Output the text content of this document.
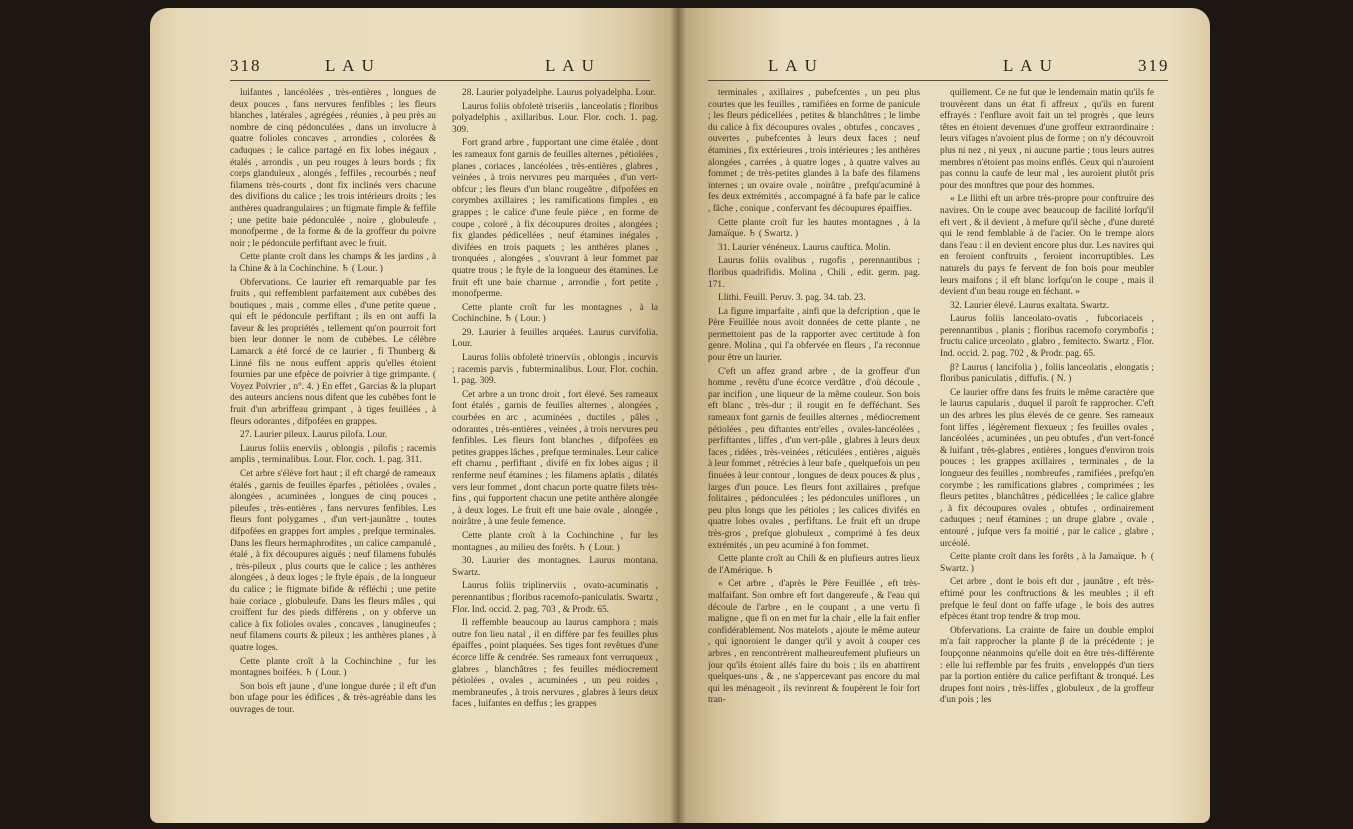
318	L A U	L A U

luifantes , lancéolées , très-entières , longues de deux pouces , fans nervures fenfibles ; les fleurs blanches , latérales , agrégées , réunies , à peu près au nombre de cinq pédonculées , dans un involucre à quatre folioles concaves , arrondies , colorées & caduques ; le calice partagé en fix lobes inégaux , étalés , arrondis , un peu rouges à leurs bords ; fix corps glanduleux , alongés , feffiles , recourbés ; neuf filamens très-courts , dont fix inclinés vers chacune des divifions du calice ; les trois intérieurs droits ; les anthères quadrangulaires ; un ftigmate fimple & feffile ; une petite baie pédonculée , noire , globuleufe , monofperme , de la forme & de la groffeur du poivre noir ; le pédoncule perfiftant avec le fruit.

Cette plante croît dans les champs & les jardins , à la Chine & à la Cochinchine. ♄ ( Lour. )

Obfervations. Ce laurier eft remarquable par fes fruits , qui reffemblent parfaitement aux cubèbes des boutiques , mais , comme elles , d'une petite queue , qui eft le pédoncule perfiftant ; ils en ont auffi la faveur & les propriétés , tellement qu'on pourroit fort bien leur donner le nom de cubèbes. Le célèbre Lamarck a été forcé de ce laurier , fi Thunberg & Linné fils ne nous euffent appris qu'elles étoient fournies par une efpèce de poivrier à tige grimpante. ( Voyez Poivrier , n°. 4. ) En effet , Garcias & la plupart des auteurs anciens nous difent que les cubèbes font le fruit d'un arbriffeau grimpant , à tiges feuillées , à fleurs odorantes , difpofées en grappes.

27. Laurier pileux. Laurus pilofa. Lour.

Laurus foliis enerviis , oblongis , pilofis ; racemis amplis , terminalibus. Lour. Flor. coch. 1. pag. 311.

Cet arbre s'élève fort haut ; il eft chargé de rameaux étalés , garnis de feuilles éparfes , pétiolées , ovales , alongées , acuminées , longues de cinq pouces , pileufes , très-entières , fans nervures fenfibles. Les fleurs font polygames , d'un vert-jaunâtre , toutes difpofées en grappes fort amples , prefque terminales. Dans les fleurs hermaphrodites , un calice campanulé , étalé , à fix découpures aiguës ; neuf filamens fubulés , très-pileux , plus courts que le calice ; les anthères alongées , à deux loges ; le ftyle épais , de la longueur du calice ; le ftigmate bifide & réfléchi ; une petite baie coriace , globuleufe. Dans les fleurs mâles , qui croiffent fur des pieds différens , on y obferve un calice à fix folioles ovales , concaves , lanugineufes ; neuf filamens courts & pileux ; les anthères planes , à quatre loges.

Cette plante croît à la Cochinchine , fur les montagnes boifées. ♄ ( Lour. )

Son bois eft jaune , d'une longue durée ; il eft d'un bon ufage pour les édifices , & très-agréable dans les ouvrages de tour.

28. Laurier polyadelphe. Laurus polyadelpha. Lour.

Laurus foliis obfoletè triseriis , lanceolatis ; floribus polyadelphis , axillaribus. Lour. Flor. coch. 1. pag. 309.

Fort grand arbre , fupportant une cime étalée , dont les rameaux font garnis de feuilles alternes , pétiolées , planes , coriaces , lancéolées , très-entières , glabres , veinées , à trois nervures peu marquées , d'un vert-obfcur ; les fleurs d'un blanc rougeâtre , difpofées en corymbes axillaires ; les ramifications fimples , en grappes ; le calice d'une feule pièce , en forme de coupe , coloré , à fix découpures droites , alongées ; fix glandes pédicellées , neuf étamines inégales , divifées en trois paquets ; les anthères planes , tronquées , alongées , s'ouvrant à leur fommet par quatre trous ; le ftyle de la longueur des étamines. Le fruit eft une baie charnue , arrondie , fort petite , monofperme.

Cette plante croît fur les montagnes , à la Cochinchine. ♄ ( Lour. )

29. Laurier à feuilles arquées. Laurus curvifolia. Lour.

Laurus foliis obfoletè trinerviis , oblongis , incurvis ; racemis parvis , fubterminalibus. Lour. Flor. cochin. 1. pag. 309.

Cet arbre a un tronc droit , fort élevé. Ses rameaux font étalés , garnis de feuilles alternes , alongées , courbées en arc , acuminées , ductiles , pâles , odorantes , très-entières , veinées , à trois nervures peu fenfibles. Les fleurs font blanches , difpofées en petites grappes lâches , prefque terminales. Leur calice eft charnu , perfiftant , divifé en fix lobes aigus ; il renferme neuf étamines ; les filamens aplatis , dilatés vers leur fommet , dont chacun porte quatre filets très-fins , qui fupportent chacun une petite anthère alongée , à deux loges. Le fruit eft une baie ovale , alongée , noirâtre , à une feule femence.

Cette plante croît à la Cochinchine , fur les montagnes , au milieu des forêts. ♄ ( Lour. )

30. Laurier des montagnes. Laurus montana. Swartz.

Laurus foliis triplinerviis , ovato-acuminatis , perennantibus ; floribus racemofo-paniculatis. Swartz , Flor. Ind. occid. 2. pag. 703 , & Prodr. 65.

Il reffemble beaucoup au laurus camphora ; mais outre fon lieu natal , il en diffère par fes feuilles plus épaiffes , point plaquées. Ses tiges font revêtues d'une écorce liffe & cendrée. Ses rameaux font verruqueux , glabres , blanchâtres ; fes feuilles médiocrement pétiolées , ovales , acuminées , un peu roides , membraneufes , à trois nervures , glabres à leurs deux faces , luifantes en deffus ; les grappes

L A U	L A U	319

terminales , axillaires , pubefcentes , un peu plus courtes que les feuilles , ramifiées en forme de panicule ; les fleurs pédicellées , petites & blanchâtres ; le limbe du calice à fix découpures ovales , obtufes , concaves , ouvertes , pubefcentes à leurs deux faces ; neuf étamines , fix extérieures , trois intérieures ; les anthères alongées , carrées , à quatre loges , à quatre valves au fommet ; de très-petites glandes à la bafe des filamens internes ; un ovaire ovale , noirâtre , prefqu'acuminé à fes deux extrémités , accompagné à fa bafe par le calice , fâche , conique , confervant fes découpures épaiffies.

Cette plante croît fur les hautes montagnes , à la Jamaïque. ♄ ( Swartz. )

31. Laurier vénéneux. Laurus cauftica. Molin.

Laurus foliis ovalibus , rugofis , perennantibus ; floribus quadrifidis. Molina , Chili , edit. germ. pag. 171.

Llithi. Feuill. Peruv. 3. pag. 34. tab. 23.

La figure imparfaite , ainfi que la defcription , que le Père Feuillée nous avoit données de cette plante , ne permettoient pas de la rapporter avec certitude à fon genre. Molina , qui l'a obfervée en fleurs , l'a reconnue pour être un laurier.

C'eft un affez grand arbre , de la groffeur d'un homme , revêtu d'une écorce verdâtre , d'où découle , par incifion , une liqueur de la même couleur. Son bois eft blanc , très-dur ; il rougit en fe defféchant. Ses rameaux font garnis de feuilles alternes , médiocrement pétiolées , peu diftantes entr'elles , ovales-lancéolées , perfiftantes , liffes , d'un vert-pâle , glabres à leurs deux faces , ridées , très-veinées , réticulées , entières , aiguës à leur fommet , rétrécies à leur bafe , quelquefois un peu finuées à leur contour , longues de deux pouces & plus , larges d'un pouce. Les fleurs font axillaires , prefque folitaires , pédonculées ; les pédoncules uniflores , un peu plus longs que les pétioles ; les calices divifés en quatre lobes ovales , perfiftans. Le fruit eft un drupe très-gros , prefque globuleux , comprimé à fes deux extrémités , un peu acuminé à fon fommet.

Cette plante croît au Chili & en plufieurs autres lieux de l'Amérique. ♄

« Cet arbre , d'après le Père Feuillée , eft très-malfaifant. Son ombre eft fort dangereufe , & l'eau qui découle de l'arbre , en le coupant , a une vertu fi maligne , que fi on en met fur la chair , elle la fait enfler confidérablement. Nos matelots , ajoute le même auteur , qui ignoroient le danger qu'il y avoit à couper ces arbres , en rencontrèrent malheureufement plufieurs un jour qu'ils étoient allés faire du bois ; ils en abattirent quelques-uns , & , ne s'appercevant pas encore du mal qui les ménageoit , ils revinrent & foupèrent le foir fort tran-

quillement. Ce ne fut que le lendemain matin qu'ils fe trouvèrent dans un état fi affreux , qu'ils en furent effrayés : l'enflure avoit fait un tel progrès , que leurs têtes en étoient devenues d'une groffeur extraordinaire : leurs vifages n'avoient plus de forme ; on n'y découvroit plus ni nez , ni yeux , ni aucune partie ; tous leurs autres membres n'étoient pas moins enflés. Ceux qui n'auroient pas connu la caufe de leur mal , les auroient plutôt pris pour des monftres que pour des hommes.

« Le llithi eft un arbre très-propre pour conftruire des navires. On le coupe avec beaucoup de facilité lorfqu'il eft vert , & il devient , à mefure qu'il sèche , d'une dureté qui le rend femblable à de l'acier. On le trempe alors dans l'eau : il en devient encore plus dur. Les navires qui en feroient conftruits , feroient incorruptibles. Les naturels du pays fe fervent de fon bois pour meubler leurs maifons ; il eft blanc lorfqu'on le coupe , mais il devient d'un beau rouge en féchant. »

32. Laurier élevé. Laurus exaltata. Swartz.

Laurus foliis lanceolato-ovatis , fubcoriaceis , perennantibus , planis ; floribus racemofo corymbofis ; fructu calice urceolato , glabro , femitecto. Swartz , Flor. Ind. occid. 2. pag. 702 , & Prodr. pag. 65.

β? Laurus ( lancifolia ) , foliis lanceolatis , elongatis ; floribus paniculatis , diffufis. ( N. )

Ce laurier offre dans fes fruits le même caractère que le laurus capularis , duquel il paroît fe rapprocher. C'eft un des arbres les plus élevés de ce genre. Ses rameaux font liffes , légèrement flexueux ; fes feuilles ovales , lancéolées , acuminées , un peu obtufes , d'un vert-foncé & luifant , très-glabres , entières , longues d'environ trois pouces ; les grappes axillaires , terminales , de la longueur des feuilles , nombreufes , ramifiées , prefqu'en corymbe ; les ramifications glabres , comprimées ; les fleurs petites , blanchâtres , pédicellées ; le calice glabre , à fix découpures ovales , obtufes , ordinairement caduques ; neuf étamines ; un drupe glabre , ovale , entouré , jufque vers fa moitié , par le calice , glabre , urcéolé.

Cette plante croît dans les forêts , à la Jamaïque. ♄ ( Swartz. )

Cet arbre , dont le bois eft dur , jaunâtre , eft très-eftimé pour les conftructions & les meubles ; il eft prefque le feul dont on faffe ufage , le bois des autres efpèces étant trop tendre & trop mou.

Obfervations. La crainte de faire un double emploi m'a fait rapprocher la plante β de la précédente ; je foupçonne néanmoins qu'elle doit en être très-différente : elle lui reffemble par fes fruits , enveloppés d'un tiers par la portion entière du calice perfiftant & tronqué. Les drupes font noirs , très-liffes , globuleux , de la groffeur d'un pois ; les
